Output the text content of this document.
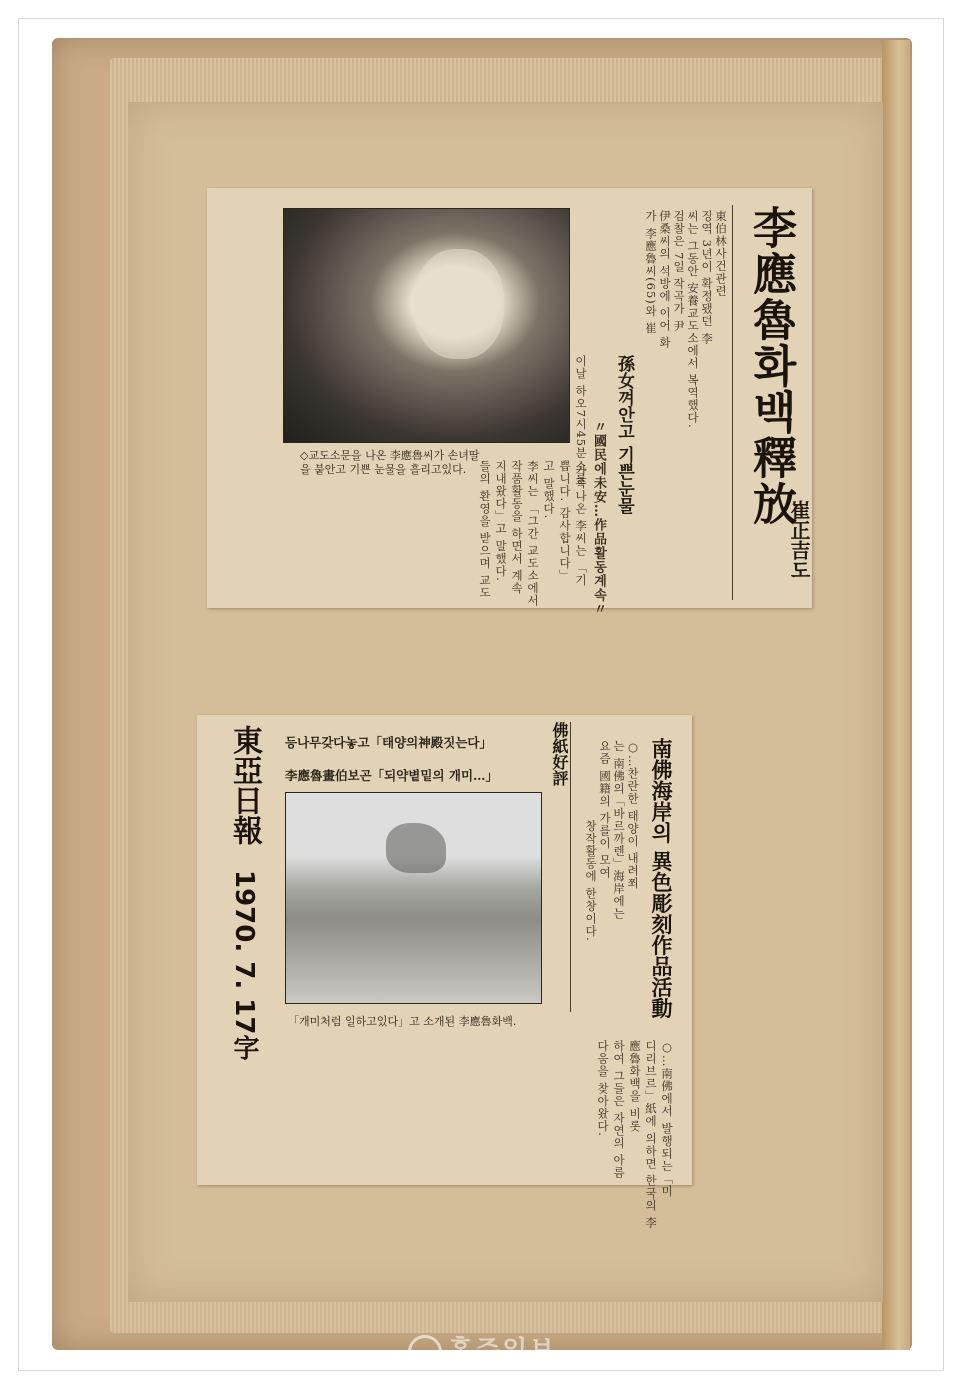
李應魯화백釋放
崔正吉도
東伯林사건관련
징역 3년이 확정됐던 李
씨는 그동안 安養교도소에서 복역했다.
검찰은 7일 작곡가 尹
伊桑씨의 석방에 이어 화
가 李應魯씨(65)와 崔
孫女껴안고 기쁜눈물
〃國民에未安…作品활동계속〃
이날 하오7시45분 가족
소를 나온 李씨는 「기
쁩니다. 감사합니다」
고 말했다.
李씨는 「그간 교도소에서
작품활동을 하면서 계속
지내왔다」고 말했다.
들의 환영을 받으며 교도
◇교도소문을 나온 李應魯씨가 손녀딸
을 붙안고 기쁜 눈물을 흘리고있다.
南佛海岸의 異色彫刻作品活動
佛紙好評
등나무갖다놓고「태양의神殿짓는다」
李應魯畫伯보곤「되약볕밑의 개미…」	○…찬란한 태양이 내려쬐
는 南佛의「바르까렌」海岸에는
요즘 國籍의 가를이 모여
창작활동에 한창이다.
「개미처럼 일하고있다」고 소개된 李應魯화백.
○…南佛에서 발행되는「미
디리브르」紙에 의하면 한국의 李
應魯화백을 비롯
하여 그들은 자연의 아름
다움을 찾아왔다.
東亞日報
1970. 7. 17字
홍주일보
